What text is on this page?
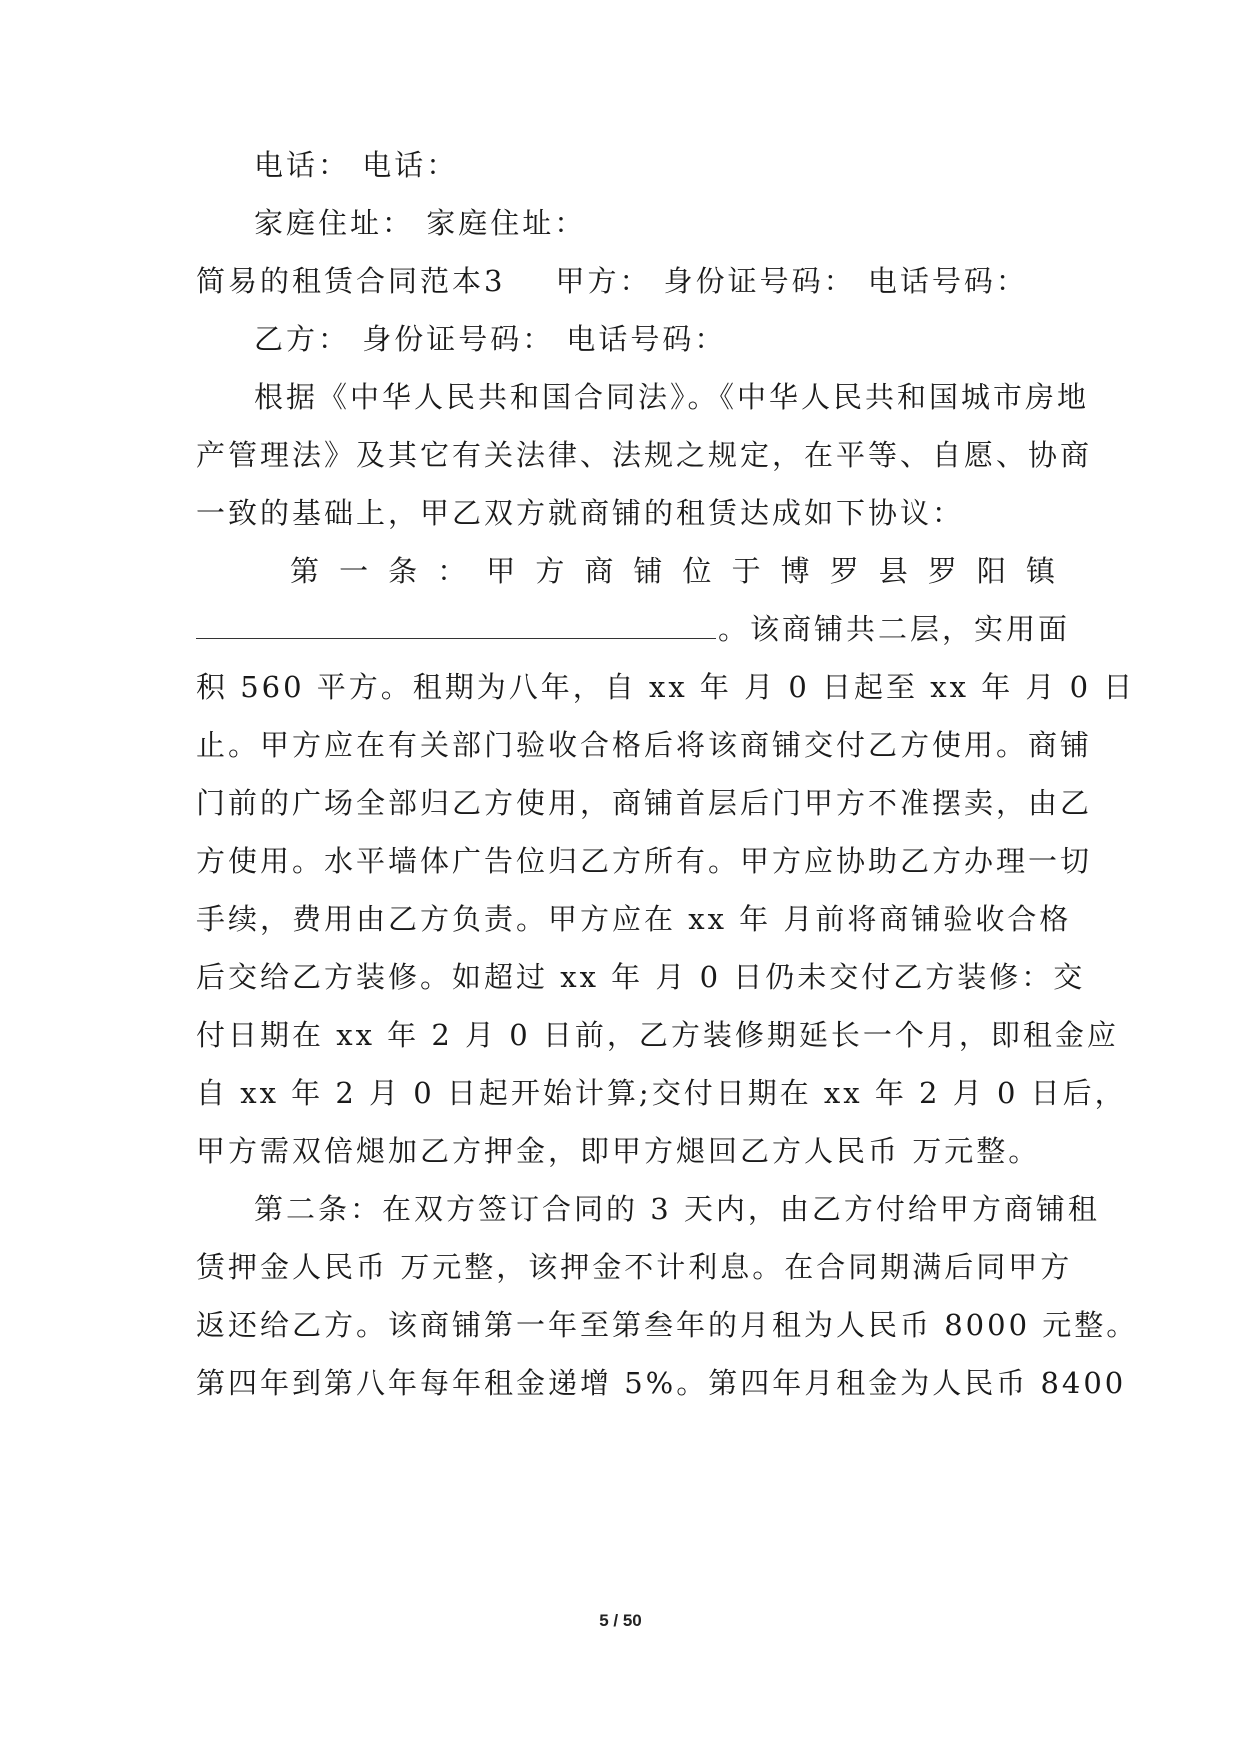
电话： 电话：
家庭住址： 家庭住址：
简易的租赁合同范本3 甲方： 身份证号码： 电话号码：
乙方： 身份证号码： 电话号码：
根据《中华人民共和国合同法》。《中华人民共和国城市房地
产管理法》及其它有关法律、法规之规定，在平等、自愿、协商
一致的基础上，甲乙双方就商铺的租赁达成如下协议：
第 一 条 ： 甲 方 商 铺 位 于 博 罗 县 罗 阳 镇
。该商铺共二层，实用面
积 560 平方。租期为八年，自 xx 年 月 0 日起至 xx 年 月 0 日
止。甲方应在有关部门验收合格后将该商铺交付乙方使用。商铺
门前的广场全部归乙方使用，商铺首层后门甲方不准摆卖，由乙
方使用。水平墙体广告位归乙方所有。甲方应协助乙方办理一切
手续，费用由乙方负责。甲方应在 xx 年 月前将商铺验收合格
后交给乙方装修。如超过 xx 年 月 0 日仍未交付乙方装修：交
付日期在 xx 年 2 月 0 日前，乙方装修期延长一个月，即租金应
自 xx 年 2 月 0 日起开始计算;交付日期在 xx 年 2 月 0 日后，
甲方需双倍煺加乙方押金，即甲方煺回乙方人民币 万元整。
第二条：在双方签订合同的 3 天内，由乙方付给甲方商铺租
赁押金人民币 万元整，该押金不计利息。在合同期满后同甲方
返还给乙方。该商铺第一年至第叁年的月租为人民币 8000 元整。
第四年到第八年每年租金递增 5%。第四年月租金为人民币 8400
5 / 50
